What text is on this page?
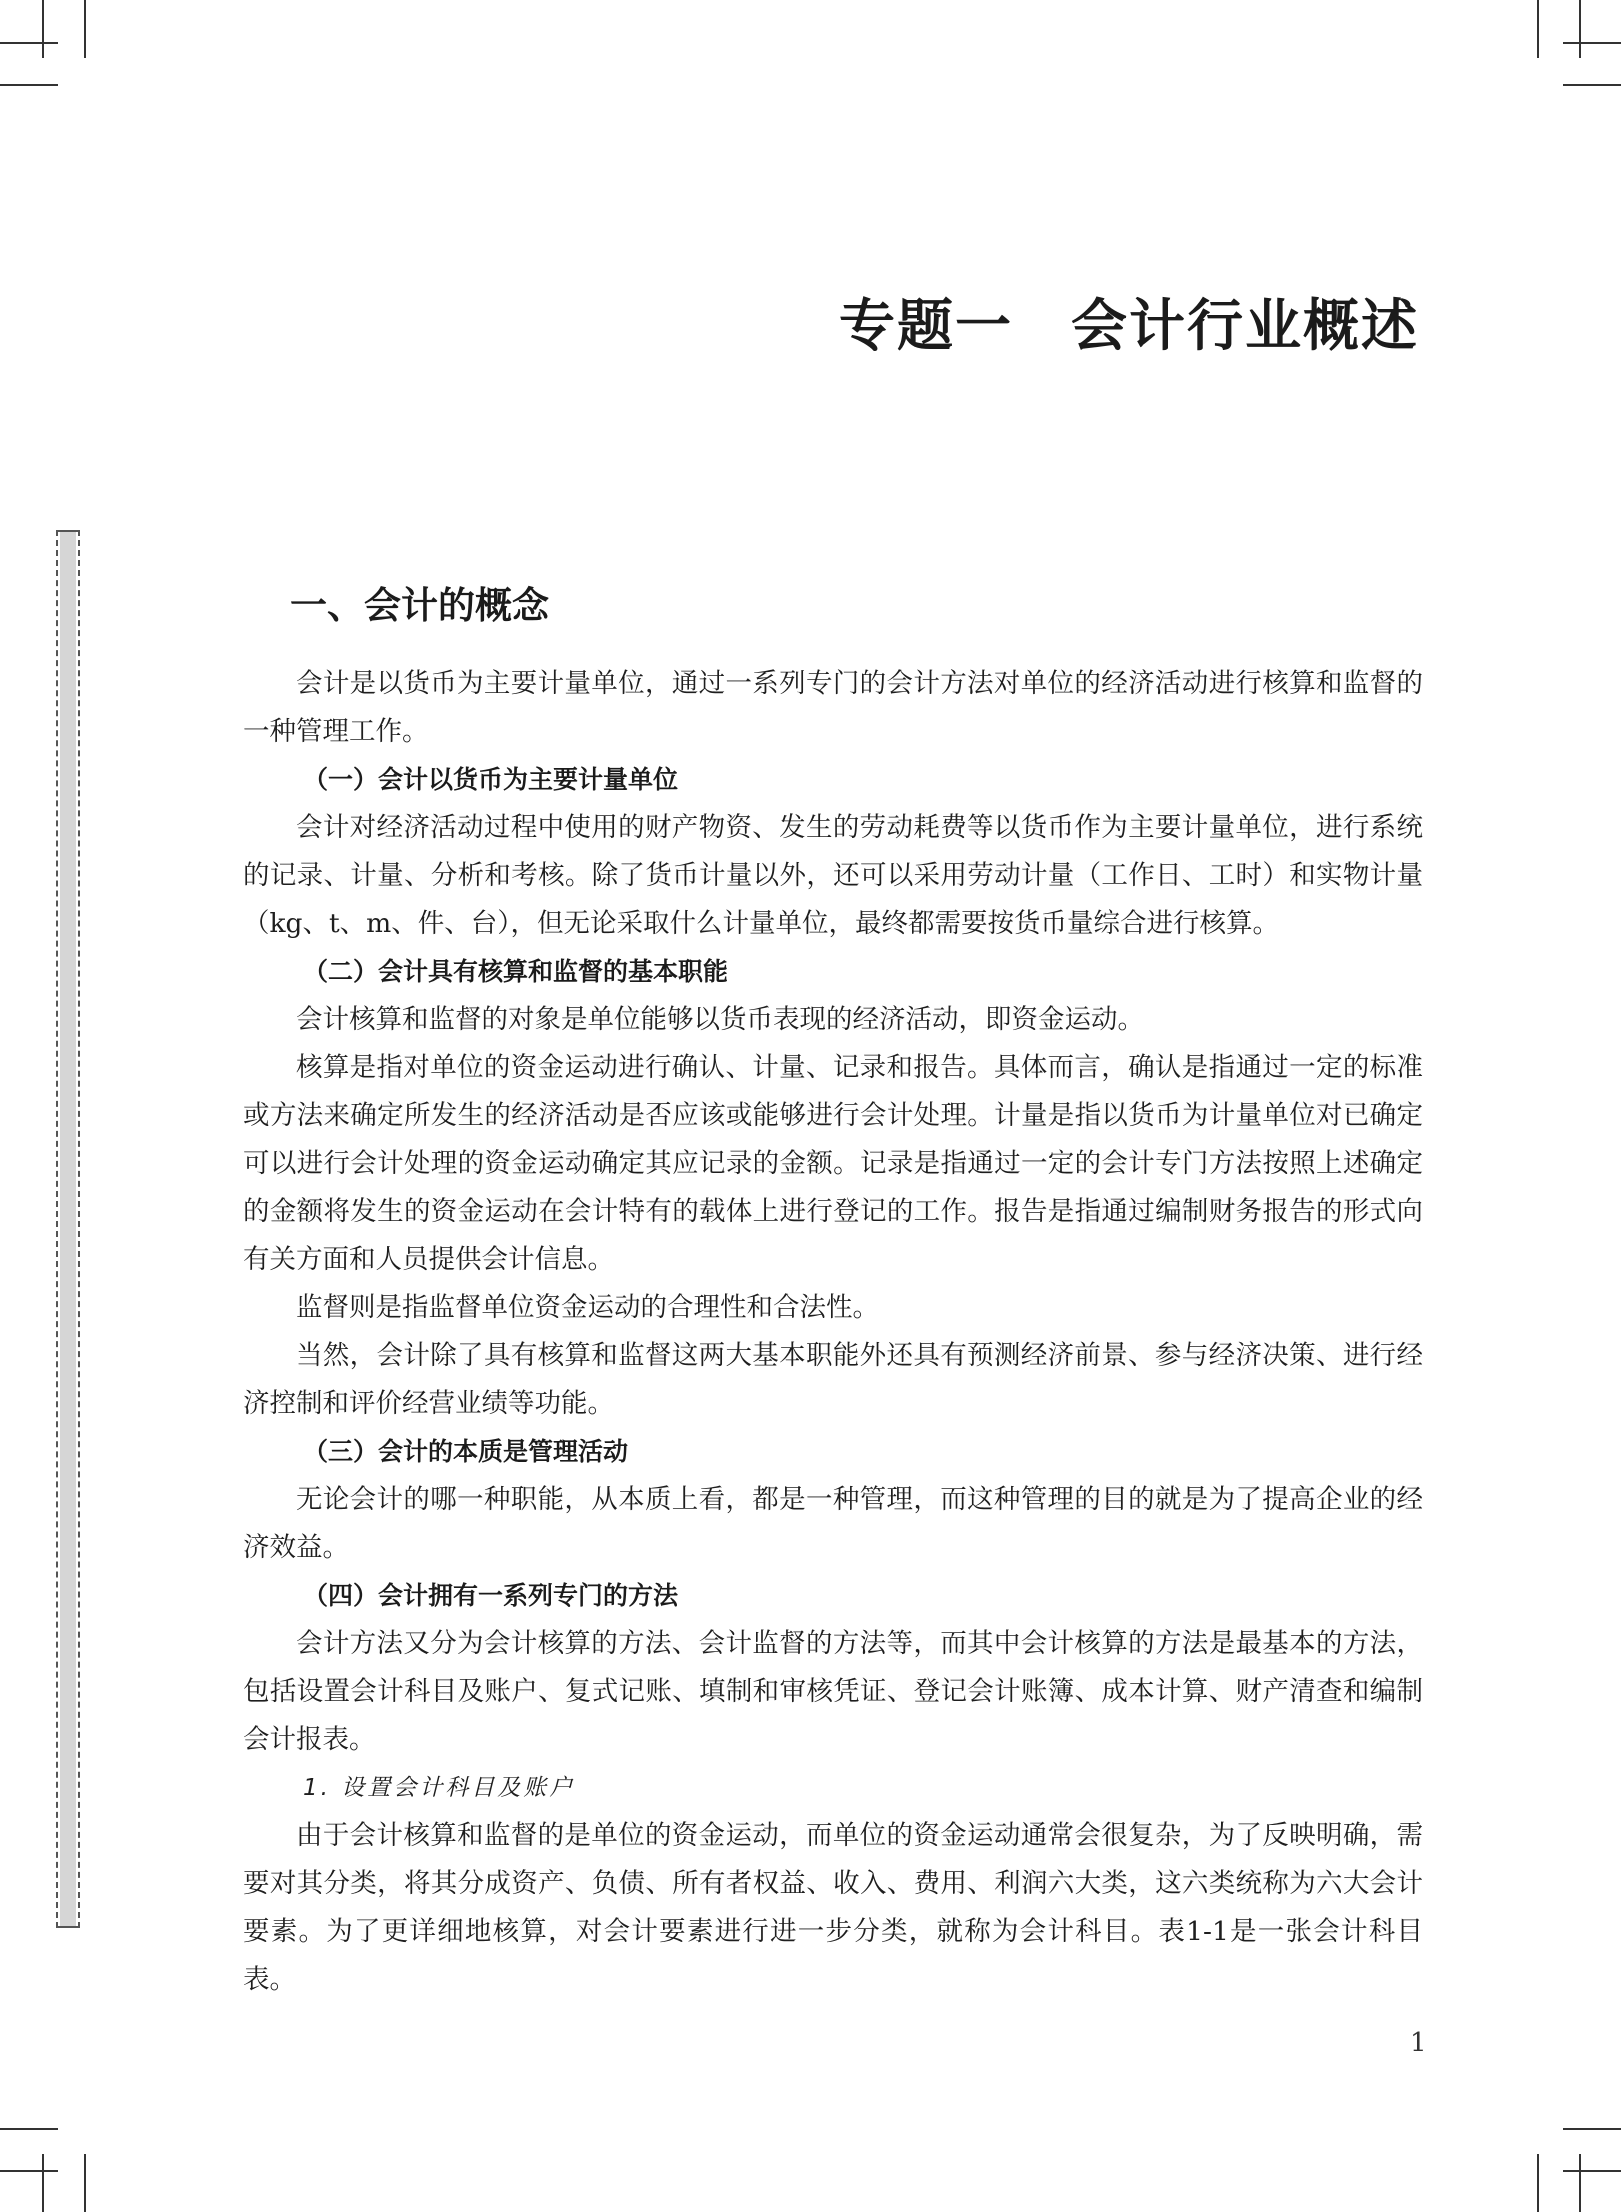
专题一　会计行业概述
一、会计的概念

会计是以货币为主要计量单位，通过一系列专门的会计方法对单位的经济活动进行核算和监督的一种管理工作。

（一）会计以货币为主要计量单位

会计对经济活动过程中使用的财产物资、发生的劳动耗费等以货币作为主要计量单位，进行系统的记录、计量、分析和考核。除了货币计量以外，还可以采用劳动计量（工作日、工时）和实物计量（kg、t、m、件、台），但无论采取什么计量单位，最终都需要按货币量综合进行核算。

（二）会计具有核算和监督的基本职能

会计核算和监督的对象是单位能够以货币表现的经济活动，即资金运动。

核算是指对单位的资金运动进行确认、计量、记录和报告。具体而言，确认是指通过一定的标准或方法来确定所发生的经济活动是否应该或能够进行会计处理。计量是指以货币为计量单位对已确定可以进行会计处理的资金运动确定其应记录的金额。记录是指通过一定的会计专门方法按照上述确定的金额将发生的资金运动在会计特有的载体上进行登记的工作。报告是指通过编制财务报告的形式向有关方面和人员提供会计信息。

监督则是指监督单位资金运动的合理性和合法性。

当然，会计除了具有核算和监督这两大基本职能外还具有预测经济前景、参与经济决策、进行经济控制和评价经营业绩等功能。

（三）会计的本质是管理活动

无论会计的哪一种职能，从本质上看，都是一种管理，而这种管理的目的就是为了提高企业的经济效益。

（四）会计拥有一系列专门的方法

会计方法又分为会计核算的方法、会计监督的方法等，而其中会计核算的方法是最基本的方法，包括设置会计科目及账户、复式记账、填制和审核凭证、登记会计账簿、成本计算、财产清查和编制会计报表。

1. 设置会计科目及账户

由于会计核算和监督的是单位的资金运动，而单位的资金运动通常会很复杂，为了反映明确，需要对其分类，将其分成资产、负债、所有者权益、收入、费用、利润六大类，这六类统称为六大会计要素。为了更详细地核算，对会计要素进行进一步分类，就称为会计科目。表1-1是一张会计科目表。

1
